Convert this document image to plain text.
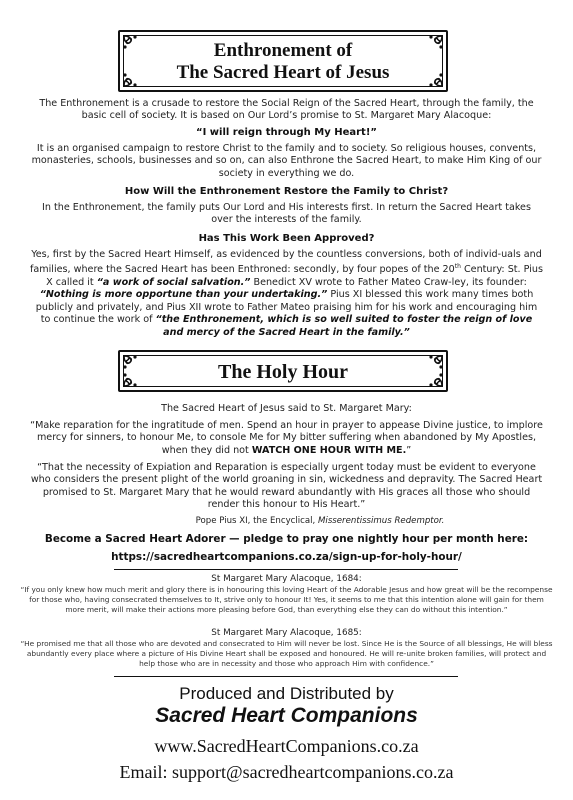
Enthronement of
The Sacred Heart of Jesus
The Enthronement is a crusade to restore the Social Reign of the Sacred Heart, through the family, the basic cell of society. It is based on Our Lord’s promise to St. Margaret Mary Alacoque:
“I will reign through My Heart!”
It is an organised campaign to restore Christ to the family and to society. So religious houses, convents, monasteries, schools, businesses and so on, can also Enthrone the Sacred Heart, to make Him King of our society in everything we do.
How Will the Enthronement Restore the Family to Christ?
In the Enthronement, the family puts Our Lord and His interests first. In return the Sacred Heart takes over the interests of the family.
Has This Work Been Approved?
Yes, first by the Sacred Heart Himself, as evidenced by the countless conversions, both of individ-uals and families, where the Sacred Heart has been Enthroned: secondly, by four popes of the 20th Century: St. Pius X called it “a work of social salvation.” Benedict XV wrote to Father Mateo Craw-ley, its founder: “Nothing is more opportune than your undertaking.” Pius XI blessed this work many times both publicly and privately, and Pius XII wrote to Father Mateo praising him for his work and encouraging him to continue the work of “the Enthronement, which is so well suited to foster the reign of love and mercy of the Sacred Heart in the family.”
The Holy Hour
The Sacred Heart of Jesus said to St. Margaret Mary:
“Make reparation for the ingratitude of men. Spend an hour in prayer to appease Divine justice, to implore mercy for sinners, to honour Me, to console Me for My bitter suffering when abandoned by My Apostles, when they did not WATCH ONE HOUR WITH ME.”
“That the necessity of Expiation and Reparation is especially urgent today must be evident to everyone who considers the present plight of the world groaning in sin, wickedness and depravity. The Sacred Heart promised to St. Margaret Mary that he would reward abundantly with His graces all those who should render this honour to His Heart.”
Pope Pius XI, the Encyclical, Misserentissimus Redemptor.
Become a Sacred Heart Adorer — pledge to pray one nightly hour per month here:
https://sacredheartcompanions.co.za/sign-up-for-holy-hour/
St Margaret Mary Alacoque, 1684:
“If you only knew how much merit and glory there is in honouring this loving Heart of the Adorable Jesus and how great will be the recompense for those who, having consecrated themselves to It, strive only to honour It! Yes, it seems to me that this intention alone will gain for them more merit, will make their actions more pleasing before God, than everything else they can do without this intention.”
St Margaret Mary Alacoque, 1685:
“He promised me that all those who are devoted and consecrated to Him will never be lost. Since He is the Source of all blessings, He will bless abundantly every place where a picture of His Divine Heart shall be exposed and honoured. He will re-unite broken families, will protect and help those who are in necessity and those who approach Him with confidence.”
Produced and Distributed by
Sacred Heart Companions
www.SacredHeartCompanions.co.za
Email: support@sacredheartcompanions.co.za
